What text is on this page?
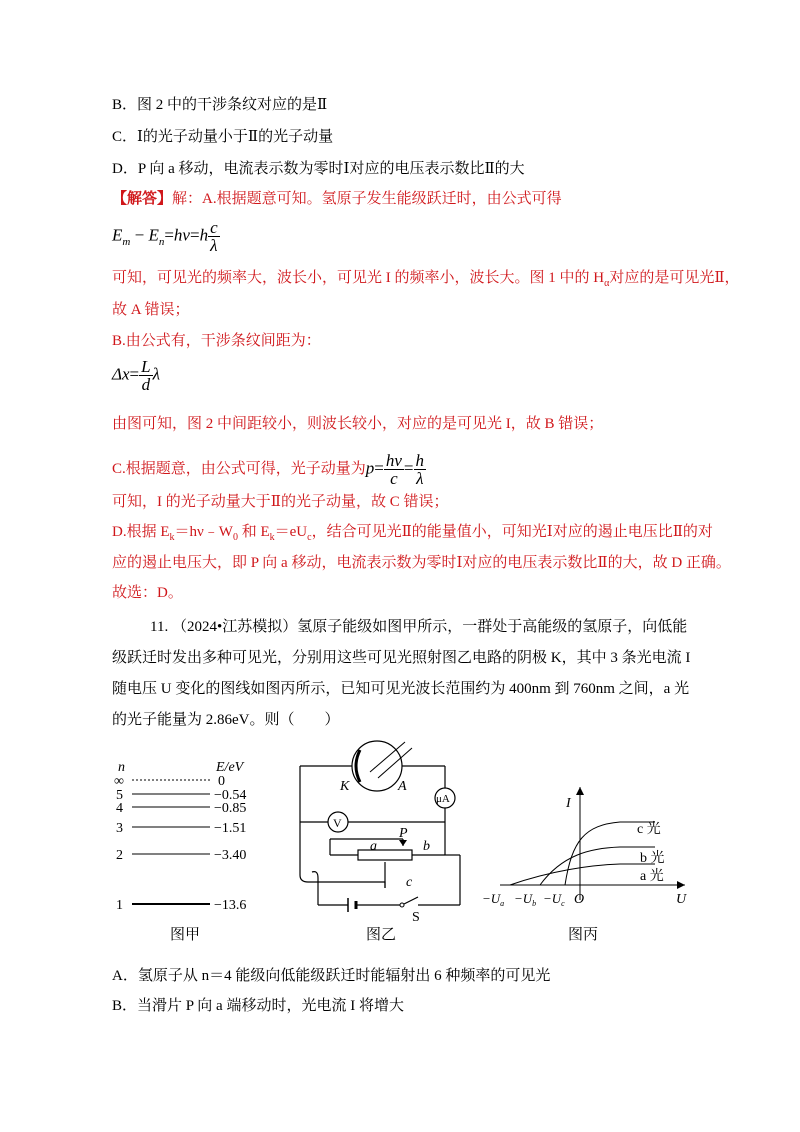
B．图 2 中的干涉条纹对应的是Ⅱ
C．Ⅰ的光子动量小于Ⅱ的光子动量
D．P 向 a 移动，电流表示数为零时Ⅰ对应的电压表示数比Ⅱ的大
【解答】解：A.根据题意可知。氢原子发生能级跃迁时，由公式可得
$E_m - E_n=h\nu=h \frac{c}{\lambda}$
可知，可见光的频率大，波长小，可见光 I 的频率小，波长大。图 1 中的 $H_\alpha$对应的是可见光Ⅱ，
故 A 错误；
B.由公式有，干涉条纹间距为：
$\Delta x= \frac{L}{d}$ λ
由图可知，图 2 中间距较小，则波长较小，对应的是可见光 I，故 B 错误；
C.根据题意，由公式可得，光子动量为$p= \frac{h\nu}{c} = \frac{h}{\lambda}$
可知，I 的光子动量大于Ⅱ的光子动量，故 C 错误；
D.根据 $E_k=h\nu﹣W_0$ 和 $E_k=eU_c$，结合可见光Ⅱ的能量值小，可知光Ⅰ对应的遏止电压比Ⅱ的对
应的遏止电压大，即 P 向 a 移动，电流表示数为零时Ⅰ对应的电压表示数比Ⅱ的大，故 D 正确。
故选：D。
11. （2024•江苏模拟）氢原子能级如图甲所示，一群处于高能级的氢原子，向低能级跃迁时发出多种可见光，分别用这些可见光照射图乙电路的阴极 K，其中 3 条光电流 I 随电压 U 变化的图线如图丙所示，已知可见光波长范围约为 400nm 到 760nm 之间，a 光的光子能量为 2.86eV。则（　　）
n	E/eV
∞	0
5	−0.54
4	−0.85
3	−1.51
2	−3.40
1	−13.6
图甲
K	A
μA
V
P
a	b
c
S
图乙
I
U
O
c 光
b 光
a 光
$-U_a -U_b -U_c$
图丙
A．氢原子从 n＝4 能级向低能级跃迁时能辐射出 6 种频率的可见光
B．当滑片 P 向 a 端移动时，光电流 I 将增大
